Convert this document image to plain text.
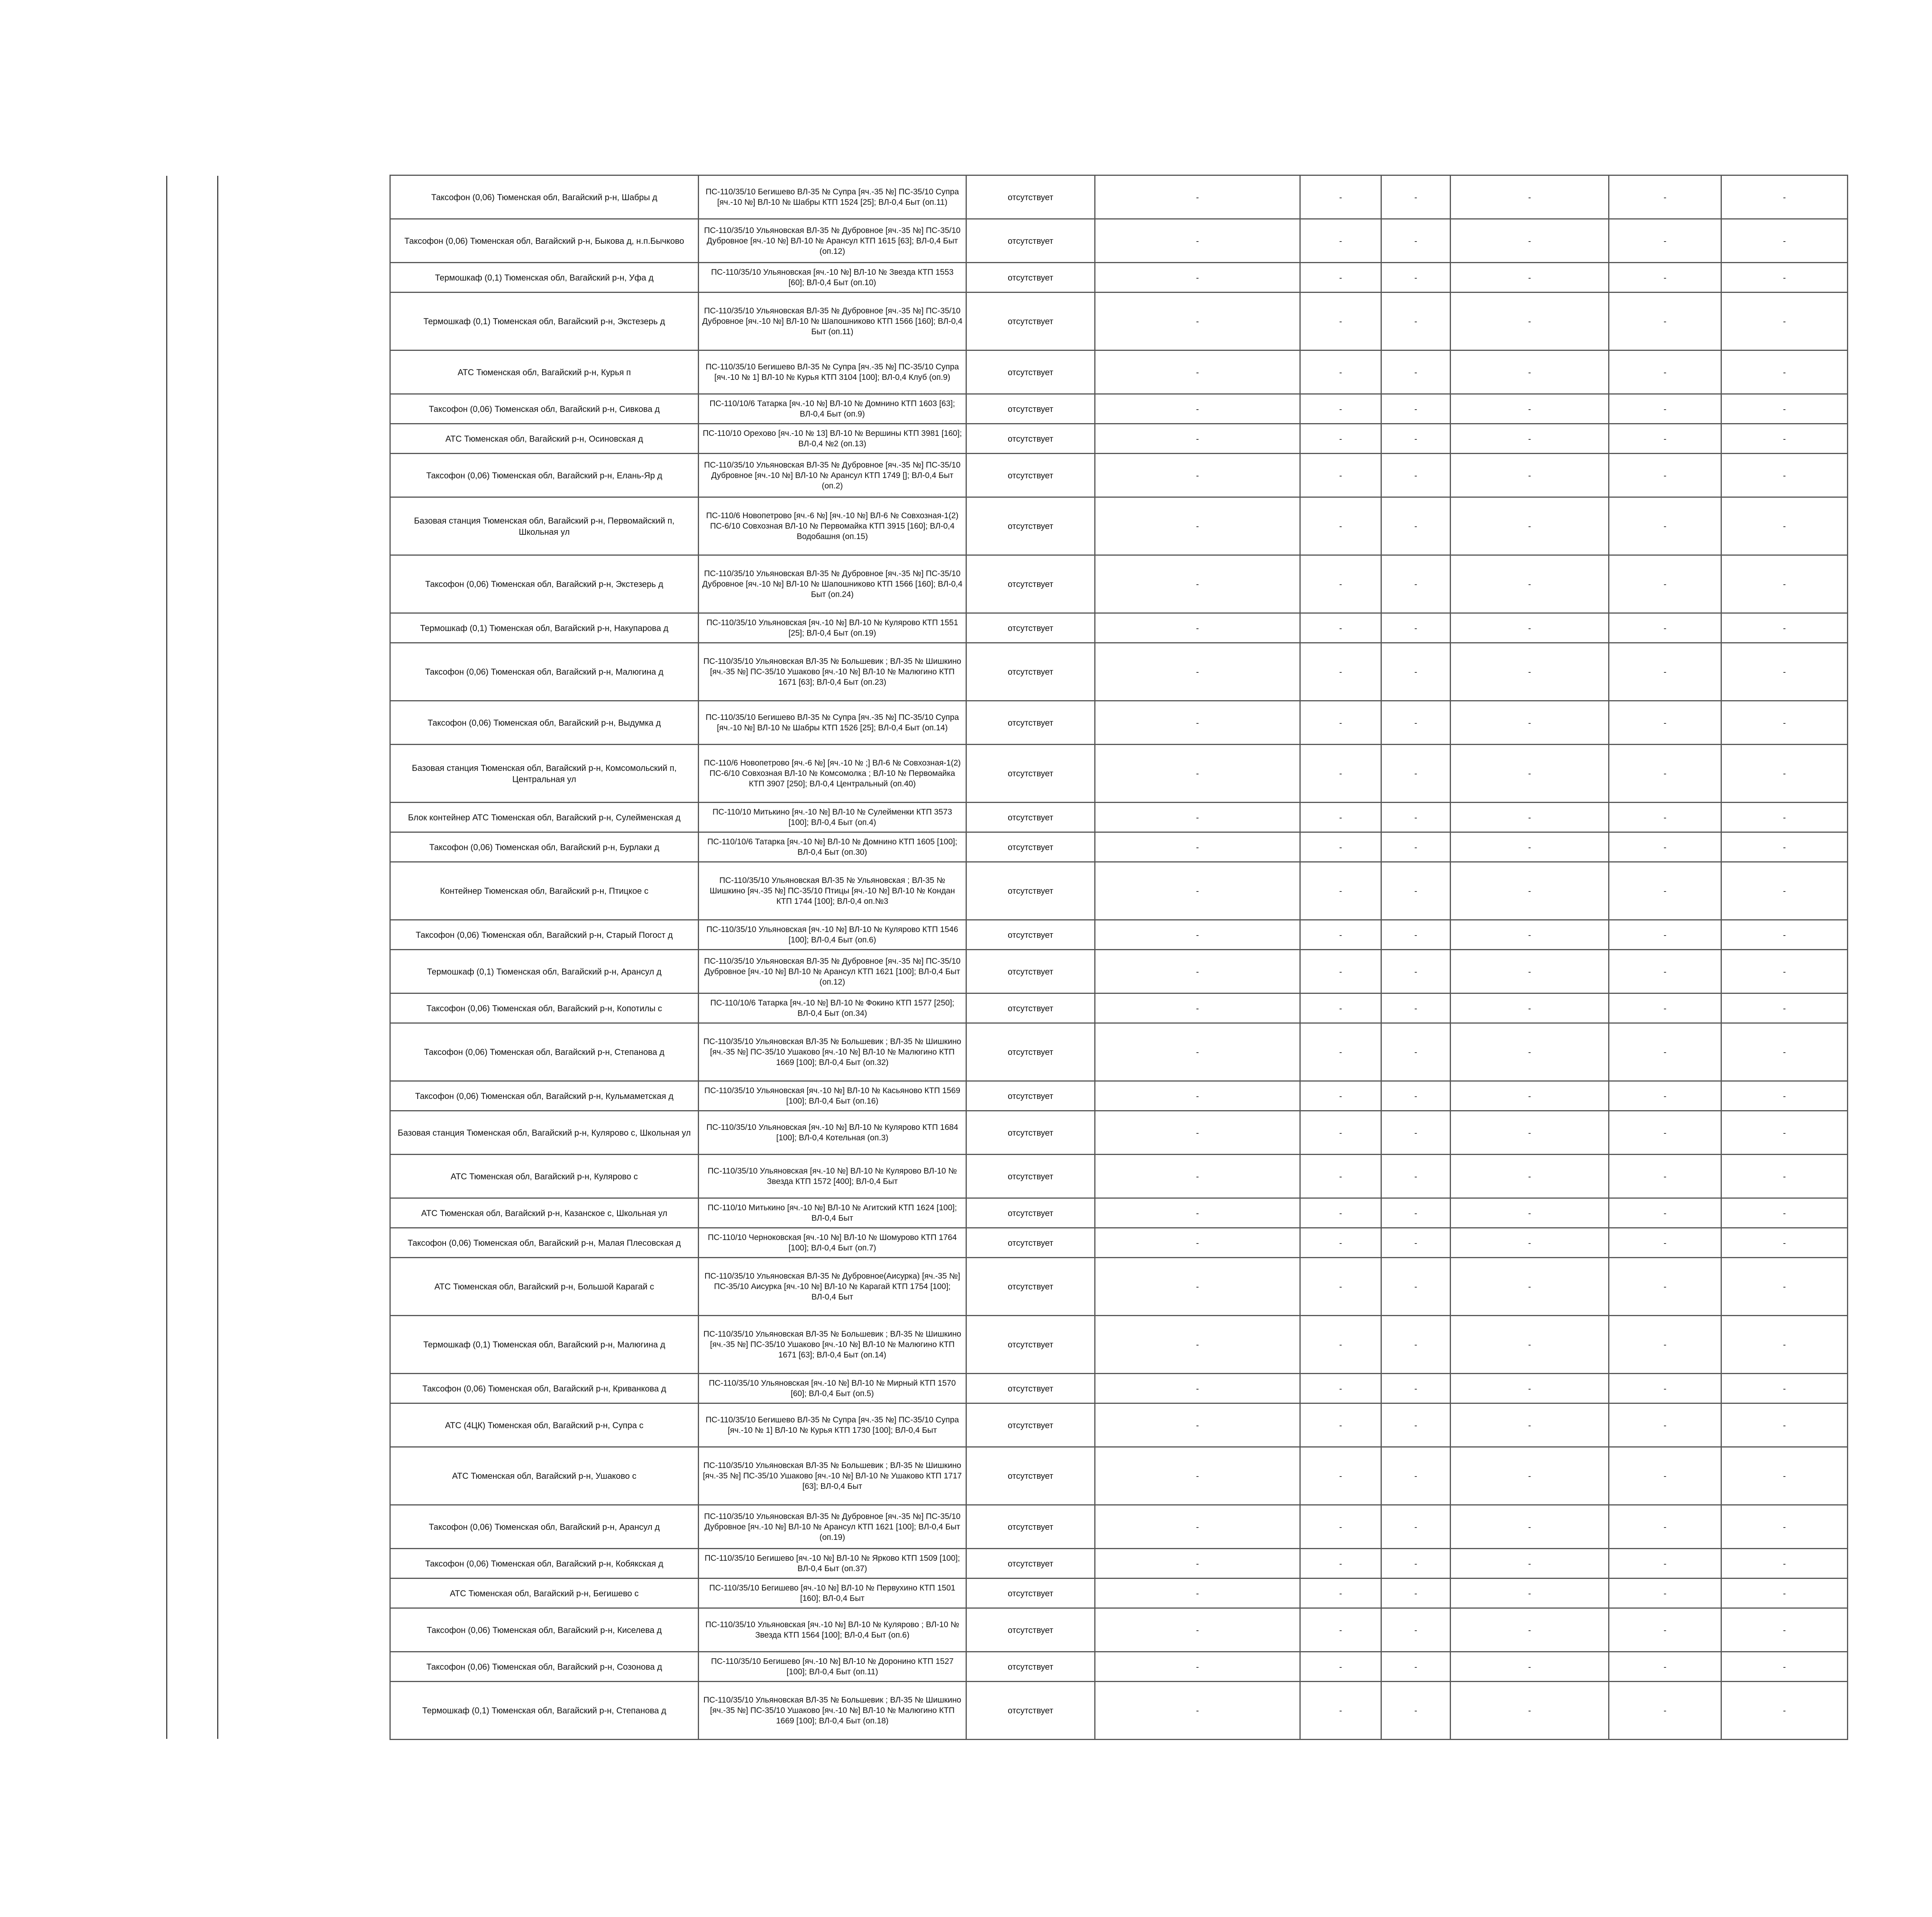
Таксофон (0,06) Тюменская обл, Вагайский р-н, Шабры д	ПС-110/35/10 Бегишево ВЛ-35 № Супра [яч.-35 №] ПС-35/10 Супра [яч.-10 №] ВЛ-10 № Шабры КТП 1524 [25]; ВЛ-0,4 Быт (оп.11)	отсутствует	-	-	-	-	-	-
Таксофон (0,06) Тюменская обл, Вагайский р-н, Быкова д, н.п.Бычково	ПС-110/35/10 Ульяновская ВЛ-35 № Дубровное [яч.-35 №] ПС-35/10 Дубровное [яч.-10 №] ВЛ-10 № Арансул КТП 1615 [63]; ВЛ-0,4 Быт (оп.12)	отсутствует	-	-	-	-	-	-
Термошкаф (0,1) Тюменская обл, Вагайский р-н, Уфа д	ПС-110/35/10 Ульяновская [яч.-10 №] ВЛ-10 № Звезда КТП 1553 [60]; ВЛ-0,4 Быт (оп.10)	отсутствует	-	-	-	-	-	-
Термошкаф (0,1) Тюменская обл, Вагайский р-н, Экстезерь д	ПС-110/35/10 Ульяновская ВЛ-35 № Дубровное [яч.-35 №] ПС-35/10 Дубровное [яч.-10 №] ВЛ-10 № Шапошниково КТП 1566 [160]; ВЛ-0,4 Быт (оп.11)	отсутствует	-	-	-	-	-	-
АТС Тюменская обл, Вагайский р-н, Курья п	ПС-110/35/10 Бегишево ВЛ-35 № Супра [яч.-35 №] ПС-35/10 Супра [яч.-10 № 1] ВЛ-10 № Курья КТП 3104 [100]; ВЛ-0,4 Клуб (оп.9)	отсутствует	-	-	-	-	-	-
Таксофон (0,06) Тюменская обл, Вагайский р-н, Сивкова д	ПС-110/10/6 Татарка [яч.-10 №] ВЛ-10 № Домнино КТП 1603 [63]; ВЛ-0,4 Быт (оп.9)	отсутствует	-	-	-	-	-	-
АТС Тюменская обл, Вагайский р-н, Осиновская д	ПС-110/10 Орехово [яч.-10 № 13] ВЛ-10 № Вершины КТП 3981 [160]; ВЛ-0,4 №2 (оп.13)	отсутствует	-	-	-	-	-	-
Таксофон (0,06) Тюменская обл, Вагайский р-н, Елань-Яр д	ПС-110/35/10 Ульяновская ВЛ-35 № Дубровное [яч.-35 №] ПС-35/10 Дубровное [яч.-10 №] ВЛ-10 № Арансул КТП 1749 []; ВЛ-0,4 Быт (оп.2)	отсутствует	-	-	-	-	-	-
Базовая станция Тюменская обл, Вагайский р-н, Первомайский п, Школьная ул	ПС-110/6 Новопетрово [яч.-6 №] [яч.-10 №] ВЛ-6 № Совхозная-1(2) ПС-6/10 Совхозная ВЛ-10 № Первомайка КТП 3915 [160]; ВЛ-0,4 Водобашня (оп.15)	отсутствует	-	-	-	-	-	-
Таксофон (0,06) Тюменская обл, Вагайский р-н, Экстезерь д	ПС-110/35/10 Ульяновская ВЛ-35 № Дубровное [яч.-35 №] ПС-35/10 Дубровное [яч.-10 №] ВЛ-10 № Шапошниково КТП 1566 [160]; ВЛ-0,4 Быт (оп.24)	отсутствует	-	-	-	-	-	-
Термошкаф (0,1) Тюменская обл, Вагайский р-н, Накупарова д	ПС-110/35/10 Ульяновская [яч.-10 №] ВЛ-10 № Кулярово КТП 1551 [25]; ВЛ-0,4 Быт (оп.19)	отсутствует	-	-	-	-	-	-
Таксофон (0,06) Тюменская обл, Вагайский р-н, Малюгина д	ПС-110/35/10 Ульяновская ВЛ-35 № Большевик ; ВЛ-35 № Шишкино [яч.-35 №] ПС-35/10 Ушаково [яч.-10 №] ВЛ-10 № Малюгино КТП 1671 [63]; ВЛ-0,4 Быт (оп.23)	отсутствует	-	-	-	-	-	-
Таксофон (0,06) Тюменская обл, Вагайский р-н, Выдумка д	ПС-110/35/10 Бегишево ВЛ-35 № Супра [яч.-35 №] ПС-35/10 Супра [яч.-10 №] ВЛ-10 № Шабры КТП 1526 [25]; ВЛ-0,4 Быт (оп.14)	отсутствует	-	-	-	-	-	-
Базовая станция Тюменская обл, Вагайский р-н, Комсомольский п, Центральная ул	ПС-110/6 Новопетрово [яч.-6 №] [яч.-10 № ;] ВЛ-6 № Совхозная-1(2) ПС-6/10 Совхозная ВЛ-10 № Комсомолка ; ВЛ-10 № Первомайка КТП 3907 [250]; ВЛ-0,4 Центральный (оп.40)	отсутствует	-	-	-	-	-	-
Блок контейнер АТС Тюменская обл, Вагайский р-н, Сулейменская д	ПС-110/10 Митькино [яч.-10 №] ВЛ-10 № Сулейменки КТП 3573 [100]; ВЛ-0,4 Быт (оп.4)	отсутствует	-	-	-	-	-	-
Таксофон (0,06) Тюменская обл, Вагайский р-н, Бурлаки д	ПС-110/10/6 Татарка [яч.-10 №] ВЛ-10 № Домнино КТП 1605 [100]; ВЛ-0,4 Быт (оп.30)	отсутствует	-	-	-	-	-	-
Контейнер Тюменская обл, Вагайский р-н, Птицкое с	ПС-110/35/10 Ульяновская ВЛ-35 № Ульяновская ; ВЛ-35 № Шишкино [яч.-35 №] ПС-35/10 Птицы [яч.-10 №] ВЛ-10 № Кондан КТП 1744 [100]; ВЛ-0,4 оп.№3	отсутствует	-	-	-	-	-	-
Таксофон (0,06) Тюменская обл, Вагайский р-н, Старый Погост д	ПС-110/35/10 Ульяновская [яч.-10 №] ВЛ-10 № Кулярово КТП 1546 [100]; ВЛ-0,4 Быт (оп.6)	отсутствует	-	-	-	-	-	-
Термошкаф (0,1) Тюменская обл, Вагайский р-н, Арансул д	ПС-110/35/10 Ульяновская ВЛ-35 № Дубровное [яч.-35 №] ПС-35/10 Дубровное [яч.-10 №] ВЛ-10 № Арансул КТП 1621 [100]; ВЛ-0,4 Быт (оп.12)	отсутствует	-	-	-	-	-	-
Таксофон (0,06) Тюменская обл, Вагайский р-н, Копотилы с	ПС-110/10/6 Татарка [яч.-10 №] ВЛ-10 № Фокино КТП 1577 [250]; ВЛ-0,4 Быт (оп.34)	отсутствует	-	-	-	-	-	-
Таксофон (0,06) Тюменская обл, Вагайский р-н, Степанова д	ПС-110/35/10 Ульяновская ВЛ-35 № Большевик ; ВЛ-35 № Шишкино [яч.-35 №] ПС-35/10 Ушаково [яч.-10 №] ВЛ-10 № Малюгино КТП 1669 [100]; ВЛ-0,4 Быт (оп.32)	отсутствует	-	-	-	-	-	-
Таксофон (0,06) Тюменская обл, Вагайский р-н, Кульмаметская д	ПС-110/35/10 Ульяновская [яч.-10 №] ВЛ-10 № Касьяново КТП 1569 [100]; ВЛ-0,4 Быт (оп.16)	отсутствует	-	-	-	-	-	-
Базовая станция Тюменская обл, Вагайский р-н, Кулярово с, Школьная ул	ПС-110/35/10 Ульяновская [яч.-10 №] ВЛ-10 № Кулярово КТП 1684 [100]; ВЛ-0,4 Котельная (оп.3)	отсутствует	-	-	-	-	-	-
АТС Тюменская обл, Вагайский р-н, Кулярово с	ПС-110/35/10 Ульяновская [яч.-10 №] ВЛ-10 № Кулярово ВЛ-10 № Звезда КТП 1572 [400]; ВЛ-0,4 Быт	отсутствует	-	-	-	-	-	-
АТС Тюменская обл, Вагайский р-н, Казанское с, Школьная ул	ПС-110/10 Митькино [яч.-10 №] ВЛ-10 № Агитский КТП 1624 [100]; ВЛ-0,4 Быт	отсутствует	-	-	-	-	-	-
Таксофон (0,06) Тюменская обл, Вагайский р-н, Малая Плесовская д	ПС-110/10 Черноковская [яч.-10 №] ВЛ-10 № Шомурово КТП 1764 [100]; ВЛ-0,4 Быт (оп.7)	отсутствует	-	-	-	-	-	-
АТС Тюменская обл, Вагайский р-н, Большой Карагай с	ПС-110/35/10 Ульяновская ВЛ-35 № Дубровное(Аисурка) [яч.-35 №] ПС-35/10 Аисурка [яч.-10 №] ВЛ-10 № Карагай КТП 1754 [100]; ВЛ-0,4 Быт	отсутствует	-	-	-	-	-	-
Термошкаф (0,1) Тюменская обл, Вагайский р-н, Малюгина д	ПС-110/35/10 Ульяновская ВЛ-35 № Большевик ; ВЛ-35 № Шишкино [яч.-35 №] ПС-35/10 Ушаково [яч.-10 №] ВЛ-10 № Малюгино КТП 1671 [63]; ВЛ-0,4 Быт (оп.14)	отсутствует	-	-	-	-	-	-
Таксофон (0,06) Тюменская обл, Вагайский р-н, Криванкова д	ПС-110/35/10 Ульяновская [яч.-10 №] ВЛ-10 № Мирный КТП 1570 [60]; ВЛ-0,4 Быт (оп.5)	отсутствует	-	-	-	-	-	-
АТС (4ЦК) Тюменская обл, Вагайский р-н, Супра с	ПС-110/35/10 Бегишево ВЛ-35 № Супра [яч.-35 №] ПС-35/10 Супра [яч.-10 № 1] ВЛ-10 № Курья КТП 1730 [100]; ВЛ-0,4 Быт	отсутствует	-	-	-	-	-	-
АТС Тюменская обл, Вагайский р-н, Ушаково с	ПС-110/35/10 Ульяновская ВЛ-35 № Большевик ; ВЛ-35 № Шишкино [яч.-35 №] ПС-35/10 Ушаково [яч.-10 №] ВЛ-10 № Ушаково КТП 1717 [63]; ВЛ-0,4 Быт	отсутствует	-	-	-	-	-	-
Таксофон (0,06) Тюменская обл, Вагайский р-н, Арансул д	ПС-110/35/10 Ульяновская ВЛ-35 № Дубровное [яч.-35 №] ПС-35/10 Дубровное [яч.-10 №] ВЛ-10 № Арансул КТП 1621 [100]; ВЛ-0,4 Быт (оп.19)	отсутствует	-	-	-	-	-	-
Таксофон (0,06) Тюменская обл, Вагайский р-н, Кобякская д	ПС-110/35/10 Бегишево [яч.-10 №] ВЛ-10 № Ярково КТП 1509 [100]; ВЛ-0,4 Быт (оп.37)	отсутствует	-	-	-	-	-	-
АТС Тюменская обл, Вагайский р-н, Бегишево с	ПС-110/35/10 Бегишево [яч.-10 №] ВЛ-10 № Первухино КТП 1501 [160]; ВЛ-0,4 Быт	отсутствует	-	-	-	-	-	-
Таксофон (0,06) Тюменская обл, Вагайский р-н, Киселева д	ПС-110/35/10 Ульяновская [яч.-10 №] ВЛ-10 № Кулярово ; ВЛ-10 № Звезда КТП 1564 [100]; ВЛ-0,4 Быт (оп.6)	отсутствует	-	-	-	-	-	-
Таксофон (0,06) Тюменская обл, Вагайский р-н, Созонова д	ПС-110/35/10 Бегишево [яч.-10 №] ВЛ-10 № Доронино КТП 1527 [100]; ВЛ-0,4 Быт (оп.11)	отсутствует	-	-	-	-	-	-
Термошкаф (0,1) Тюменская обл, Вагайский р-н, Степанова д	ПС-110/35/10 Ульяновская ВЛ-35 № Большевик ; ВЛ-35 № Шишкино [яч.-35 №] ПС-35/10 Ушаково [яч.-10 №] ВЛ-10 № Малюгино КТП 1669 [100]; ВЛ-0,4 Быт (оп.18)	отсутствует	-	-	-	-	-	-
